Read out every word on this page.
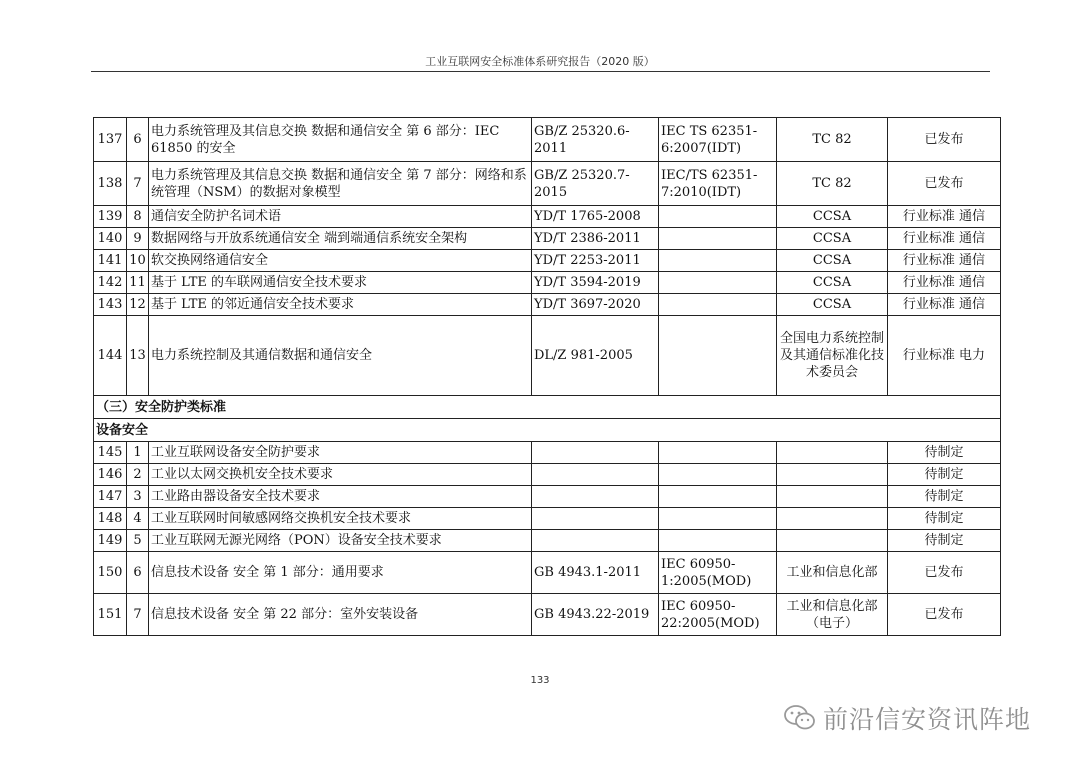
工业互联网安全标准体系研究报告（2020 版）
137	6	电力系统管理及其信息交换 数据和通信安全 第 6 部分：IEC 61850 的安全	GB/Z 25320.6-2011	IEC TS 62351-6:2007(IDT)	TC 82	已发布
138	7	电力系统管理及其信息交换 数据和通信安全 第 7 部分：网络和系统管理（NSM）的数据对象模型	GB/Z 25320.7-2015	IEC/TS 62351-7:2010(IDT)	TC 82	已发布
139	8	通信安全防护名词术语	YD/T 1765-2008		CCSA	行业标准 通信
140	9	数据网络与开放系统通信安全 端到端通信系统安全架构	YD/T 2386-2011		CCSA	行业标准 通信
141	10	软交换网络通信安全	YD/T 2253-2011		CCSA	行业标准 通信
142	11	基于 LTE 的车联网通信安全技术要求	YD/T 3594-2019		CCSA	行业标准 通信
143	12	基于 LTE 的邻近通信安全技术要求	YD/T 3697-2020		CCSA	行业标准 通信
144	13	电力系统控制及其通信数据和通信安全	DL/Z 981-2005		全国电力系统控制及其通信标准化技术委员会	行业标准 电力
（三）安全防护类标准						
设备安全						
145	1	工业互联网设备安全防护要求				待制定
146	2	工业以太网交换机安全技术要求				待制定
147	3	工业路由器设备安全技术要求				待制定
148	4	工业互联网时间敏感网络交换机安全技术要求				待制定
149	5	工业互联网无源光网络（PON）设备安全技术要求				待制定
150	6	信息技术设备 安全 第 1 部分：通用要求	GB 4943.1-2011	IEC 60950-1:2005(MOD)	工业和信息化部	已发布
151	7	信息技术设备 安全 第 22 部分：室外安装设备	GB 4943.22-2019	IEC 60950-22:2005(MOD)	工业和信息化部（电子）	已发布
133
前沿信安资讯阵地
